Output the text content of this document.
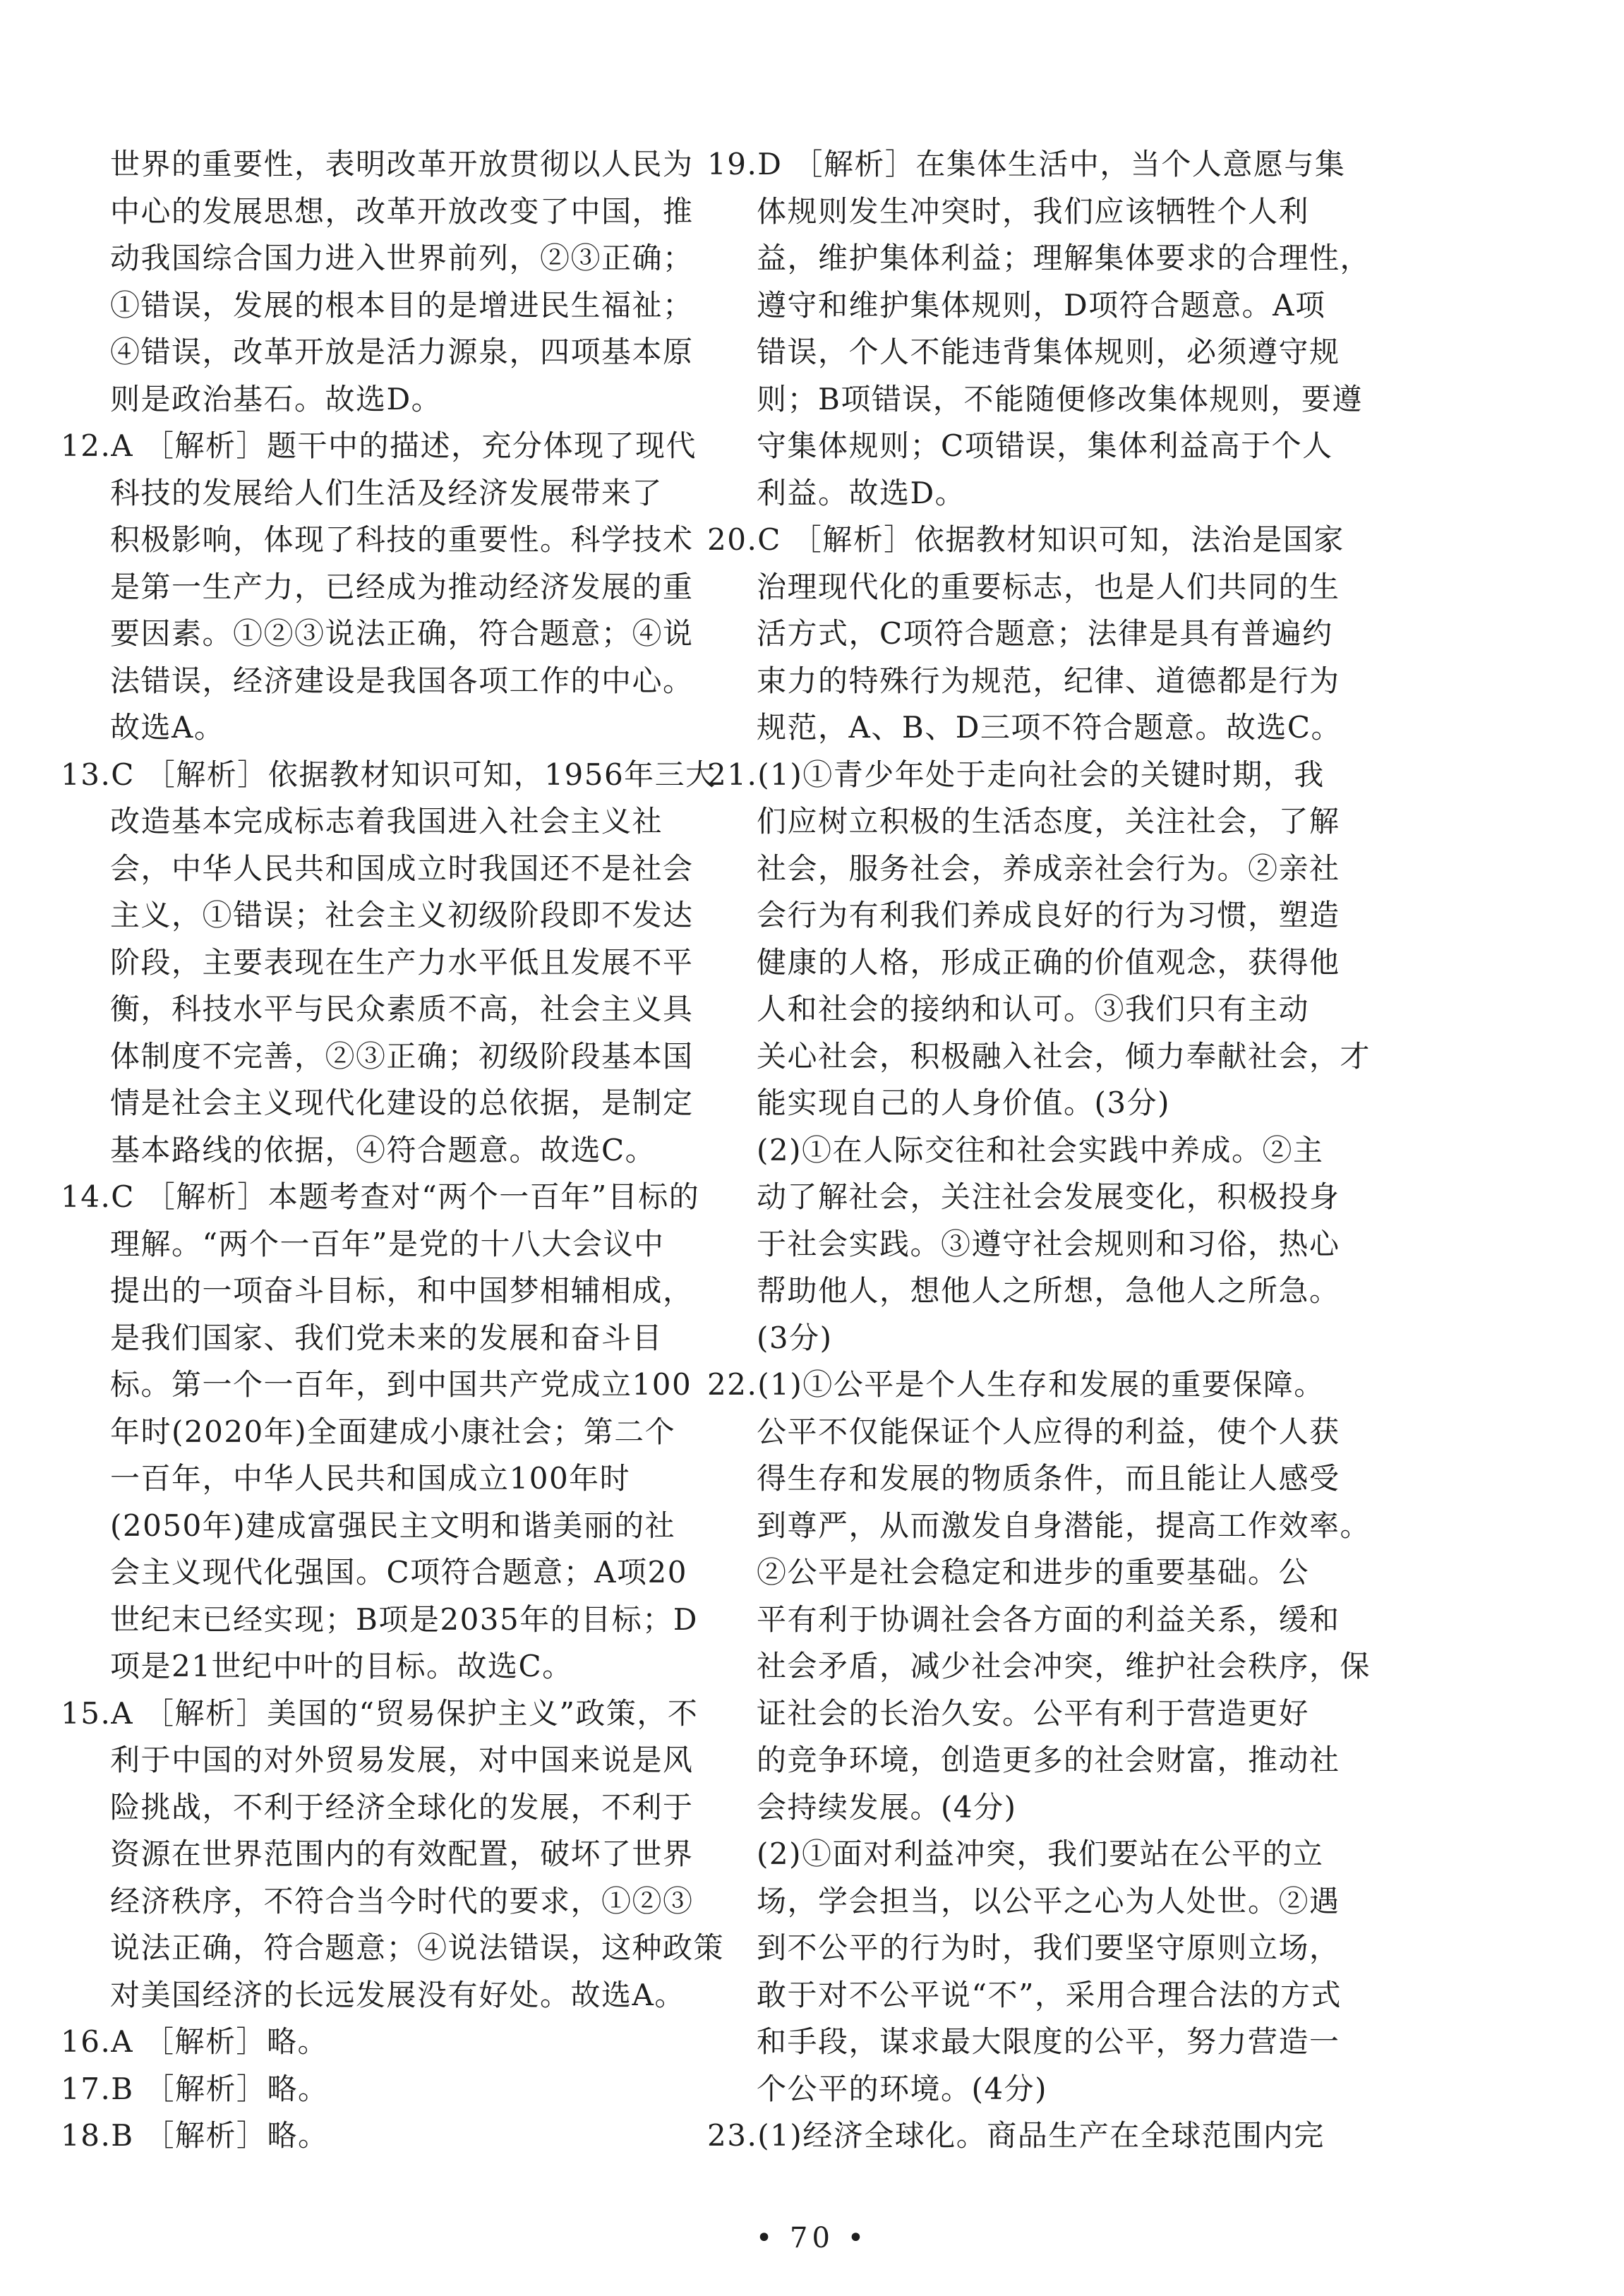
世界的重要性，表明改革开放贯彻以人民为
中心的发展思想，改革开放改变了中国，推
动我国综合国力进入世界前列，②③正确；
①错误，发展的根本目的是增进民生福祉；
④错误，改革开放是活力源泉，四项基本原
则是政治基石。故选D。
12.A ［解析］题干中的描述，充分体现了现代
科技的发展给人们生活及经济发展带来了
积极影响，体现了科技的重要性。科学技术
是第一生产力，已经成为推动经济发展的重
要因素。①②③说法正确，符合题意；④说
法错误，经济建设是我国各项工作的中心。
故选A。
13.C ［解析］依据教材知识可知，1956年三大
改造基本完成标志着我国进入社会主义社
会，中华人民共和国成立时我国还不是社会
主义，①错误；社会主义初级阶段即不发达
阶段，主要表现在生产力水平低且发展不平
衡，科技水平与民众素质不高，社会主义具
体制度不完善，②③正确；初级阶段基本国
情是社会主义现代化建设的总依据，是制定
基本路线的依据，④符合题意。故选C。
14.C ［解析］本题考查对“两个一百年”目标的
理解。“两个一百年”是党的十八大会议中
提出的一项奋斗目标，和中国梦相辅相成，
是我们国家、我们党未来的发展和奋斗目
标。第一个一百年，到中国共产党成立100
年时(2020年)全面建成小康社会；第二个
一百年，中华人民共和国成立100年时
(2050年)建成富强民主文明和谐美丽的社
会主义现代化强国。C项符合题意；A项20
世纪末已经实现；B项是2035年的目标；D
项是21世纪中叶的目标。故选C。
15.A ［解析］美国的“贸易保护主义”政策，不
利于中国的对外贸易发展，对中国来说是风
险挑战，不利于经济全球化的发展，不利于
资源在世界范围内的有效配置，破坏了世界
经济秩序，不符合当今时代的要求，①②③
说法正确，符合题意；④说法错误，这种政策
对美国经济的长远发展没有好处。故选A。
16.A ［解析］略。
17.B ［解析］略。
18.B ［解析］略。
19.D ［解析］在集体生活中，当个人意愿与集
体规则发生冲突时，我们应该牺牲个人利
益，维护集体利益；理解集体要求的合理性，
遵守和维护集体规则，D项符合题意。A项
错误，个人不能违背集体规则，必须遵守规
则；B项错误，不能随便修改集体规则，要遵
守集体规则；C项错误，集体利益高于个人
利益。故选D。
20.C ［解析］依据教材知识可知，法治是国家
治理现代化的重要标志，也是人们共同的生
活方式，C项符合题意；法律是具有普遍约
束力的特殊行为规范，纪律、道德都是行为
规范，A、B、D三项不符合题意。故选C。
21.(1)①青少年处于走向社会的关键时期，我
们应树立积极的生活态度，关注社会，了解
社会，服务社会，养成亲社会行为。②亲社
会行为有利我们养成良好的行为习惯，塑造
健康的人格，形成正确的价值观念，获得他
人和社会的接纳和认可。③我们只有主动
关心社会，积极融入社会，倾力奉献社会，才
能实现自己的人身价值。(3分)
(2)①在人际交往和社会实践中养成。②主
动了解社会，关注社会发展变化，积极投身
于社会实践。③遵守社会规则和习俗，热心
帮助他人，想他人之所想，急他人之所急。
(3分)
22.(1)①公平是个人生存和发展的重要保障。
公平不仅能保证个人应得的利益，使个人获
得生存和发展的物质条件，而且能让人感受
到尊严，从而激发自身潜能，提高工作效率。
②公平是社会稳定和进步的重要基础。公
平有利于协调社会各方面的利益关系，缓和
社会矛盾，减少社会冲突，维护社会秩序，保
证社会的长治久安。公平有利于营造更好
的竞争环境，创造更多的社会财富，推动社
会持续发展。(4分)
(2)①面对利益冲突，我们要站在公平的立
场，学会担当，以公平之心为人处世。②遇
到不公平的行为时，我们要坚守原则立场，
敢于对不公平说“不”，采用合理合法的方式
和手段，谋求最大限度的公平，努力营造一
个公平的环境。(4分)
23.(1)经济全球化。商品生产在全球范围内完
• 70 •
